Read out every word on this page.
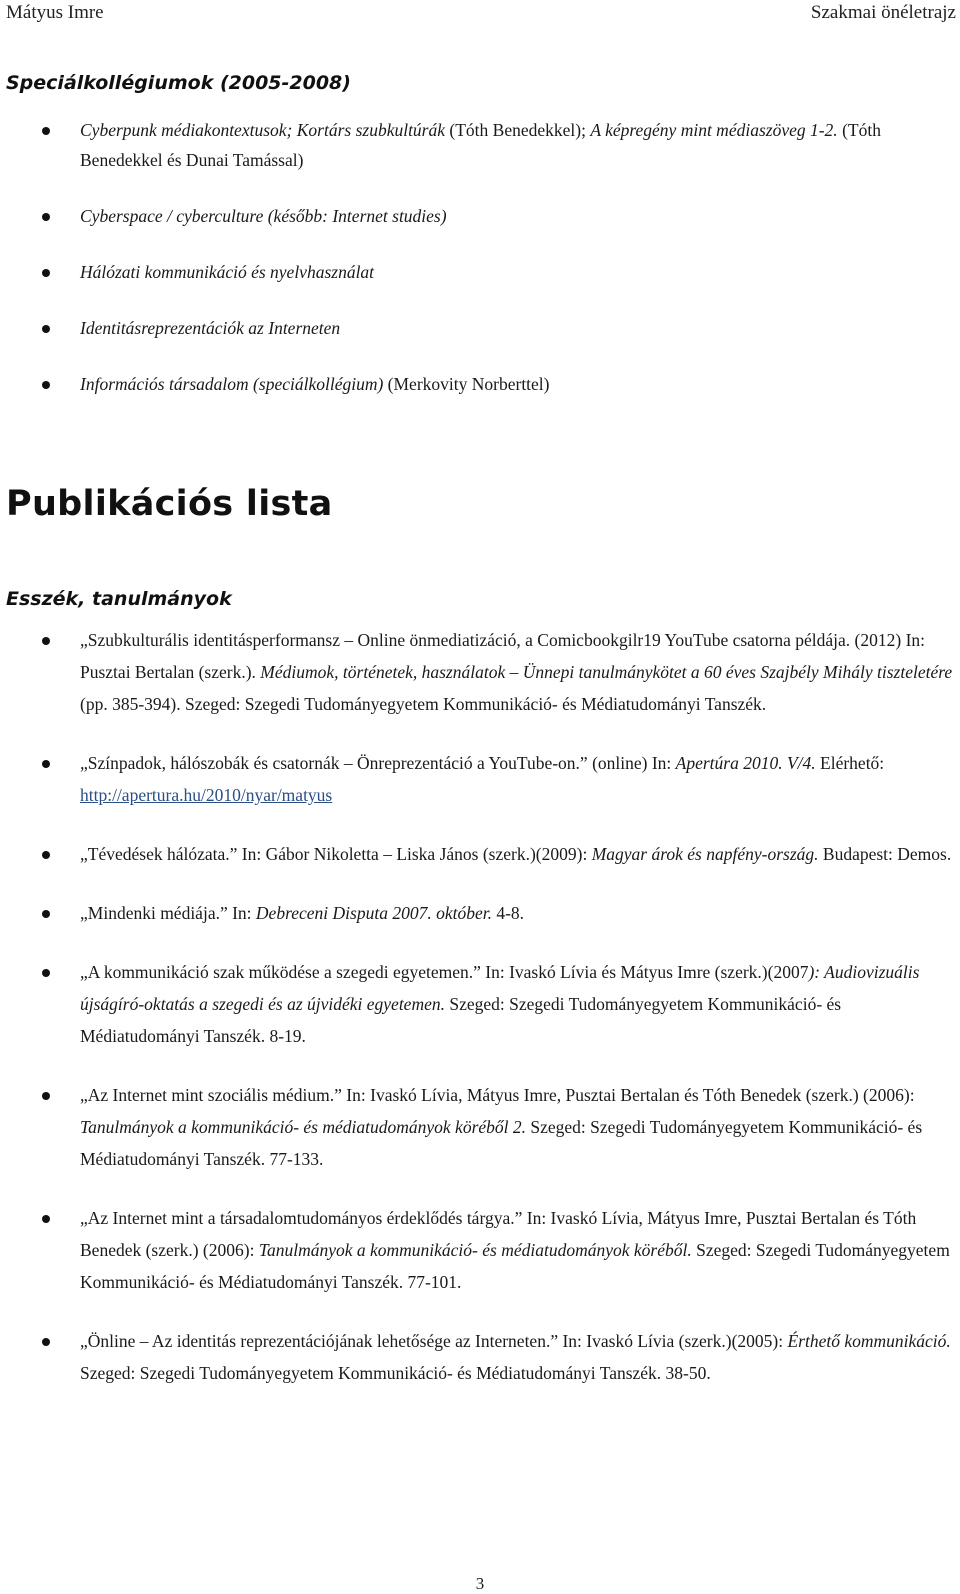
Mátyus Imre	Szakmai önéletrajz
Speciálkollégiumok (2005-2008)
Cyberpunk médiakontextusok; Kortárs szubkultúrák (Tóth Benedekkel); A képregény mint médiaszöveg 1-2. (Tóth Benedekkel és Dunai Tamással)
Cyberspace / cyberculture (később: Internet studies)
Hálózati kommunikáció és nyelvhasználat
Identitásreprezentációk az Interneten
Információs társadalom (speciálkollégium) (Merkovity Norberttel)
Publikációs lista
Esszék, tanulmányok
„Szubkulturális identitásperformansz – Online önmediatizáció, a Comicbookgilr19 YouTube csatorna példája. (2012) In: Pusztai Bertalan (szerk.). Médiumok, történetek, használatok – Ünnepi tanulmánykötet a 60 éves Szajbély Mihály tiszteletére (pp. 385-394). Szeged: Szegedi Tudományegyetem Kommunikáció- és Médiatudományi Tanszék.
„Színpadok, hálószobák és csatornák – Önreprezentáció a YouTube-on.” (online) In: Apertúra 2010. V/4. Elérhető: http://apertura.hu/2010/nyar/matyus
„Tévedések hálózata.” In: Gábor Nikoletta – Liska János (szerk.)(2009): Magyar árok és napfény-ország. Budapest: Demos.
„Mindenki médiája.” In: Debreceni Disputa 2007. október. 4-8.
„A kommunikáció szak működése a szegedi egyetemen.” In: Ivaskó Lívia és Mátyus Imre (szerk.)(2007): Audiovizuális újságíró-oktatás a szegedi és az újvidéki egyetemen. Szeged: Szegedi Tudományegyetem Kommunikáció- és Médiatudományi Tanszék. 8-19.
„Az Internet mint szociális médium.” In: Ivaskó Lívia, Mátyus Imre, Pusztai Bertalan és Tóth Benedek (szerk.) (2006): Tanulmányok a kommunikáció- és médiatudományok köréből 2. Szeged: Szegedi Tudományegyetem Kommunikáció- és Médiatudományi Tanszék. 77-133.
„Az Internet mint a társadalomtudományos érdeklődés tárgya.” In: Ivaskó Lívia, Mátyus Imre, Pusztai Bertalan és Tóth Benedek (szerk.) (2006): Tanulmányok a kommunikáció- és médiatudományok köréből. Szeged: Szegedi Tudományegyetem Kommunikáció- és Médiatudományi Tanszék. 77-101.
„Önline – Az identitás reprezentációjának lehetősége az Interneten.” In: Ivaskó Lívia (szerk.)(2005): Érthető kommunikáció. Szeged: Szegedi Tudományegyetem Kommunikáció- és Médiatudományi Tanszék. 38-50.
3
